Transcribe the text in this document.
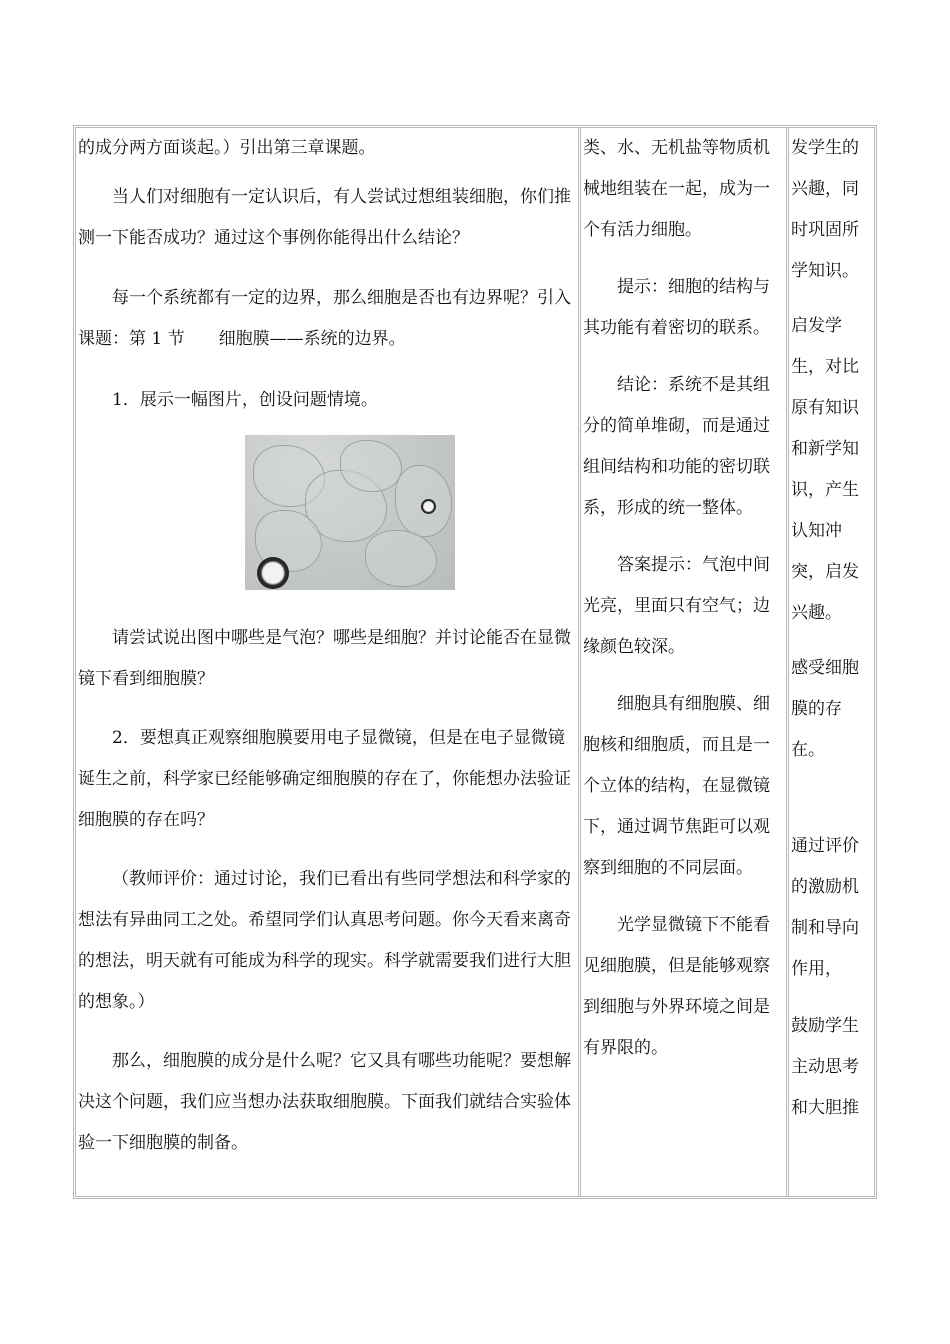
的成分两方面谈起。）引出第三章课题。

当人们对细胞有一定认识后，有人尝试过想组装细胞，你们推测一下能否成功？通过这个事例你能得出什么结论？

每一个系统都有一定的边界，那么细胞是否也有边界呢？引入课题：第 1 节　　细胞膜——系统的边界。

1．展示一幅图片，创设问题情境。

请尝试说出图中哪些是气泡？哪些是细胞？并讨论能否在显微镜下看到细胞膜？

2．要想真正观察细胞膜要用电子显微镜，但是在电子显微镜诞生之前，科学家已经能够确定细胞膜的存在了，你能想办法验证细胞膜的存在吗？

（教师评价：通过讨论，我们已看出有些同学想法和科学家的想法有异曲同工之处。希望同学们认真思考问题。你今天看来离奇的想法，明天就有可能成为科学的现实。科学就需要我们进行大胆的想象。）

那么，细胞膜的成分是什么呢？它又具有哪些功能呢？要想解决这个问题，我们应当想办法获取细胞膜。下面我们就结合实验体验一下细胞膜的制备。

类、水、无机盐等物质机械地组装在一起，成为一个有活力细胞。

提示：细胞的结构与其功能有着密切的联系。

结论：系统不是其组分的简单堆砌，而是通过组间结构和功能的密切联系，形成的统一整体。

答案提示：气泡中间光亮，里面只有空气；边缘颜色较深。

细胞具有细胞膜、细胞核和细胞质，而且是一个立体的结构，在显微镜下，通过调节焦距可以观察到细胞的不同层面。

光学显微镜下不能看见细胞膜，但是能够观察到细胞与外界环境之间是有界限的。

发学生的兴趣，同时巩固所学知识。

启发学生，对比原有知识和新学知识，产生认知冲突，启发兴趣。

感受细胞膜的存在。

通过评价的激励机制和导向作用，

鼓励学生主动思考和大胆推
